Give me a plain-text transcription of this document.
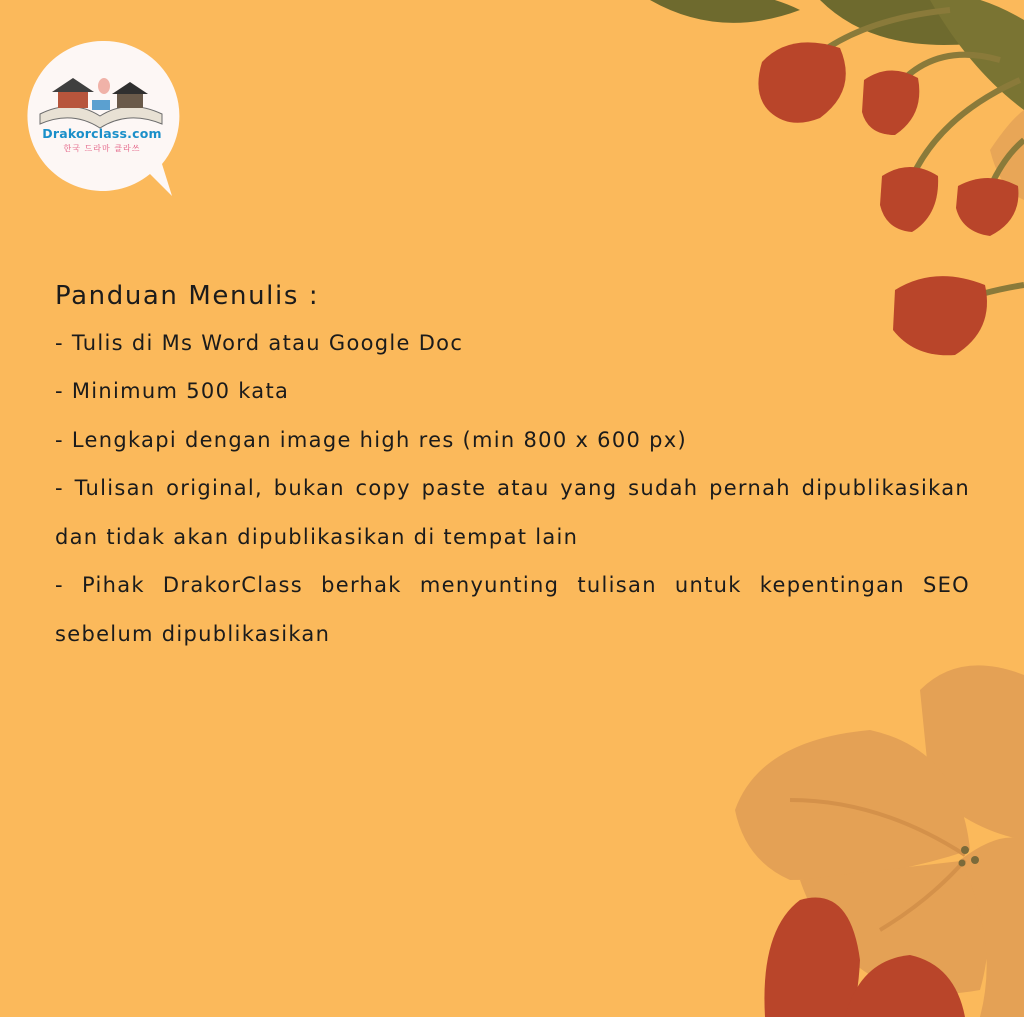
Drakorclass.com
한국 드라마 클라쓰
Panduan Menulis :
- Tulis di Ms Word atau Google Doc
- Minimum 500 kata
- Lengkapi dengan image high res (min 800 x 600 px)
- Tulisan original, bukan copy paste atau yang sudah pernah dipublikasikan dan tidak akan dipublikasikan di tempat lain
- Pihak DrakorClass berhak menyunting tulisan untuk kepentingan SEO sebelum dipublikasikan
